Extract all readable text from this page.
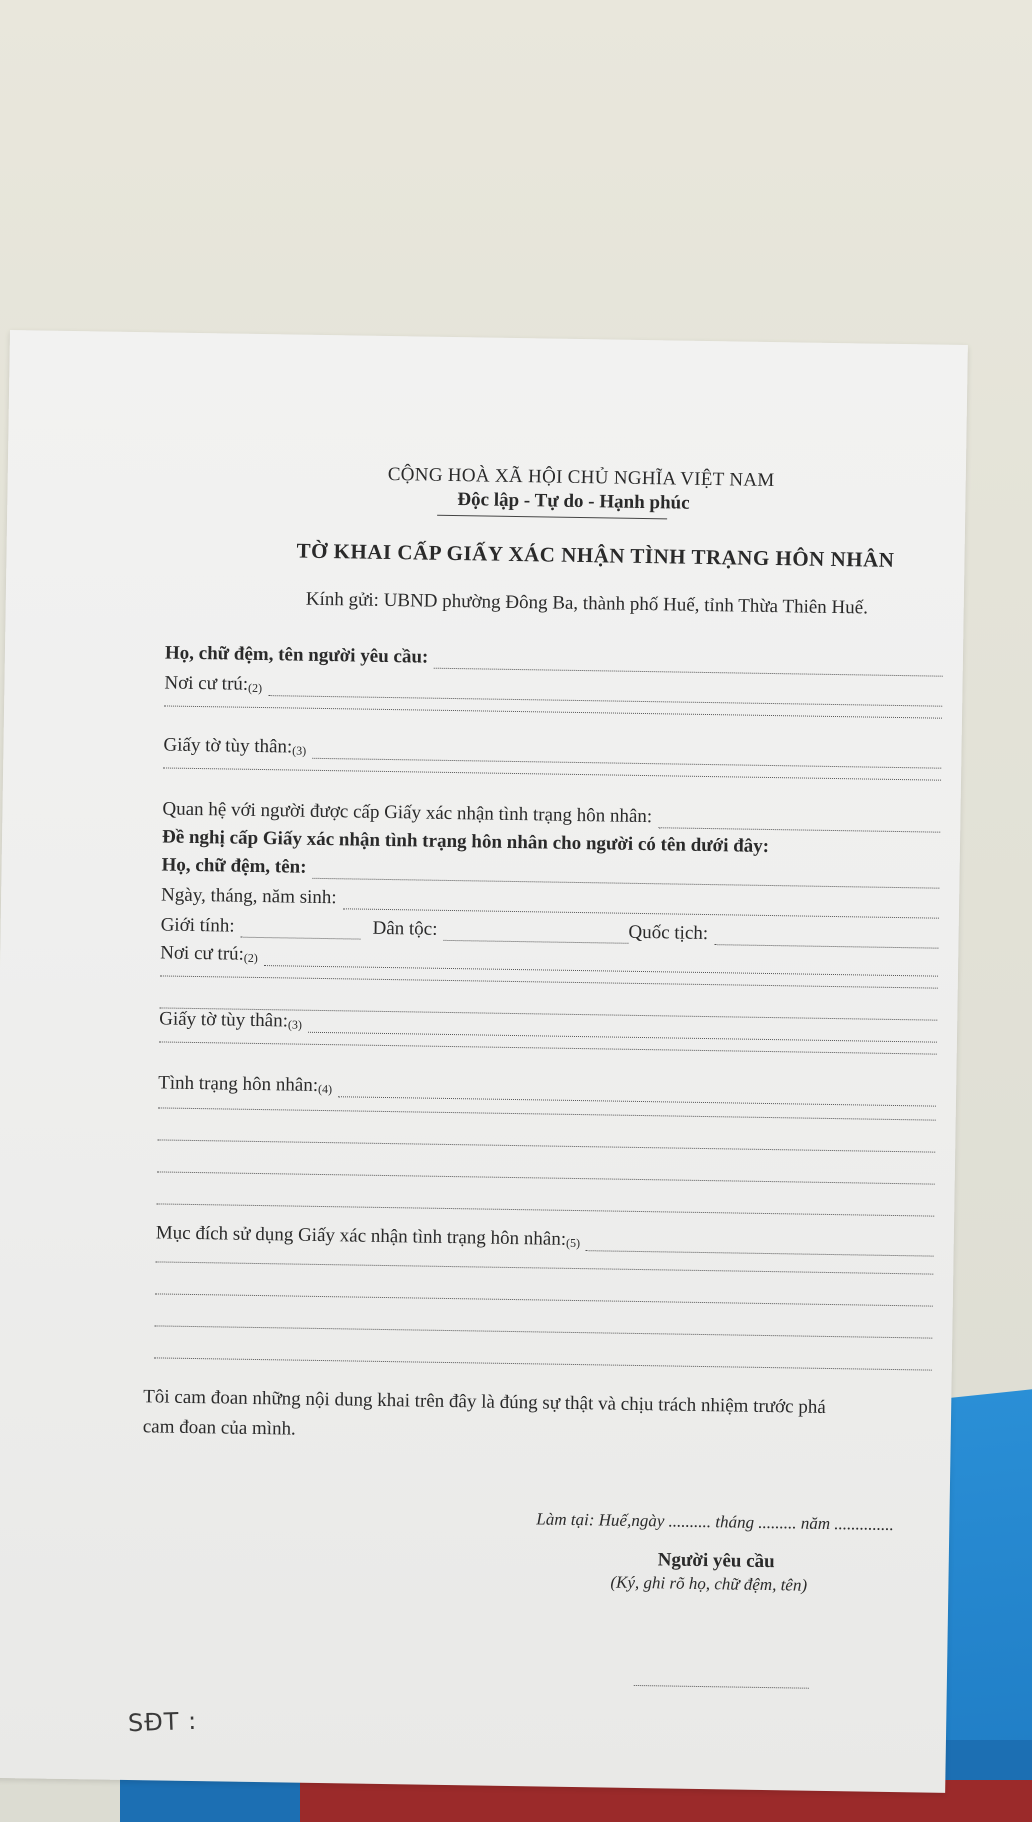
CỘNG HOÀ XÃ HỘI CHỦ NGHĨA VIỆT NAM
Độc lập - Tự do - Hạnh phúc
TỜ KHAI CẤP GIẤY XÁC NHẬN TÌNH TRẠNG HÔN NHÂN
Kính gửi: UBND phường Đông Ba, thành phố Huế, tỉnh Thừa Thiên Huế.
Họ, chữ đệm, tên người yêu cầu:
Nơi cư $trú:_{(2)}$
Giấy tờ tùy $thân:_{(3)}$
Quan hệ với người được cấp Giấy xác nhận tình trạng hôn nhân:
Đề nghị cấp Giấy xác nhận tình trạng hôn nhân cho người có tên dưới đây:
Họ, chữ đệm, tên:
Ngày, tháng, năm sinh:
Giới tính:	Dân tộc:	Quốc tịch:
Nơi cư $trú:_{(2)}$
Giấy tờ tùy $thân:_{(3)}$
Tình trạng hôn $nhân:_{(4)}$
Mục đích sử dụng Giấy xác nhận tình trạng hôn $nhân:_{(5)}$
Tôi cam đoan những nội dung khai trên đây là đúng sự thật và chịu trách nhiệm trước phá
cam đoan của mình.
Làm tại: Huế,ngày .......... tháng ......... năm ..............
Người yêu cầu
(Ký, ghi rõ họ, chữ đệm, tên)
SĐT :
